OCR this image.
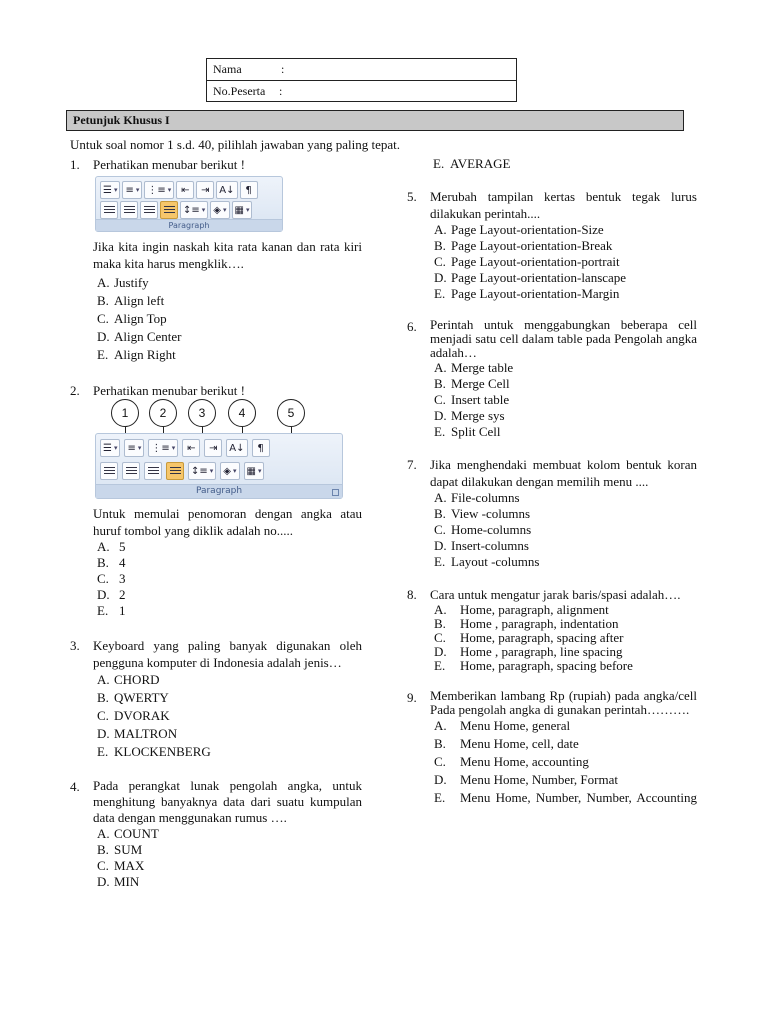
Nama	:
No.Peserta :
Petunjuk Khusus I
Untuk soal nomor 1 s.d. 40, pilihlah jawaban yang paling tepat.
1. Perhatikan menubar berikut !
☰ ▾ ≡ ▾ ⋮≡ ▾ ⇤	⇥ A↓	¶
↕≡ ▾ ◈ ▾ ▦ ▾
Paragraph
Jika kita ingin naskah kita rata kanan dan rata kiri maka kita harus mengklik….
A. Justify
B. Align left
C. Align Top
D. Align Center
E. Align Right
2. Perhatikan menubar berikut !
1	2	3	4	5
☰ ▾	≡ ▾	⋮≡ ▾	⇤	⇥	A↓	¶
↕≡ ▾	◈ ▾	▦ ▾
Paragraph
Untuk memulai penomoran dengan angka atau huruf tombol yang diklik adalah no.....
A. 5
B. 4
C. 3
D. 2
E. 1
3. Keyboard yang paling banyak digunakan oleh pengguna komputer di Indonesia adalah jenis…
A. CHORD
B. QWERTY
C. DVORAK
D. MALTRON
E. KLOCKENBERG
4. Pada perangkat lunak pengolah angka, untuk menghitung banyaknya data dari suatu kumpulan data dengan menggunakan rumus ….
A. COUNT
B. SUM
C. MAX
D. MIN
E. AVERAGE
5. Merubah tampilan kertas bentuk tegak lurus dilakukan perintah....
A. Page Layout-orientation-Size
B. Page Layout-orientation-Break
C. Page Layout-orientation-portrait
D. Page Layout-orientation-lanscape
E. Page Layout-orientation-Margin
6. Perintah untuk menggabungkan beberapa cell menjadi satu cell dalam table pada Pengolah angka adalah…
A. Merge table
B. Merge Cell
C. Insert table
D. Merge sys
E. Split Cell
7. Jika menghendaki membuat kolom bentuk koran dapat dilakukan dengan memilih menu ....
A. File-columns
B. View -columns
C. Home-columns
D. Insert-columns
E. Layout -columns
8. Cara untuk mengatur jarak baris/spasi adalah….
A. Home, paragraph, alignment
B. Home , paragraph, indentation
C. Home, paragraph, spacing after
D. Home , paragraph, line spacing
E. Home, paragraph, spacing before
9. Memberikan lambang Rp (rupiah) pada angka/cell Pada pengolah angka di gunakan perintah……….
A. Menu Home, general
B. Menu Home, cell, date
C. Menu Home, accounting
D. Menu Home, Number, Format
E. Menu Home, Number, Number, Accounting
